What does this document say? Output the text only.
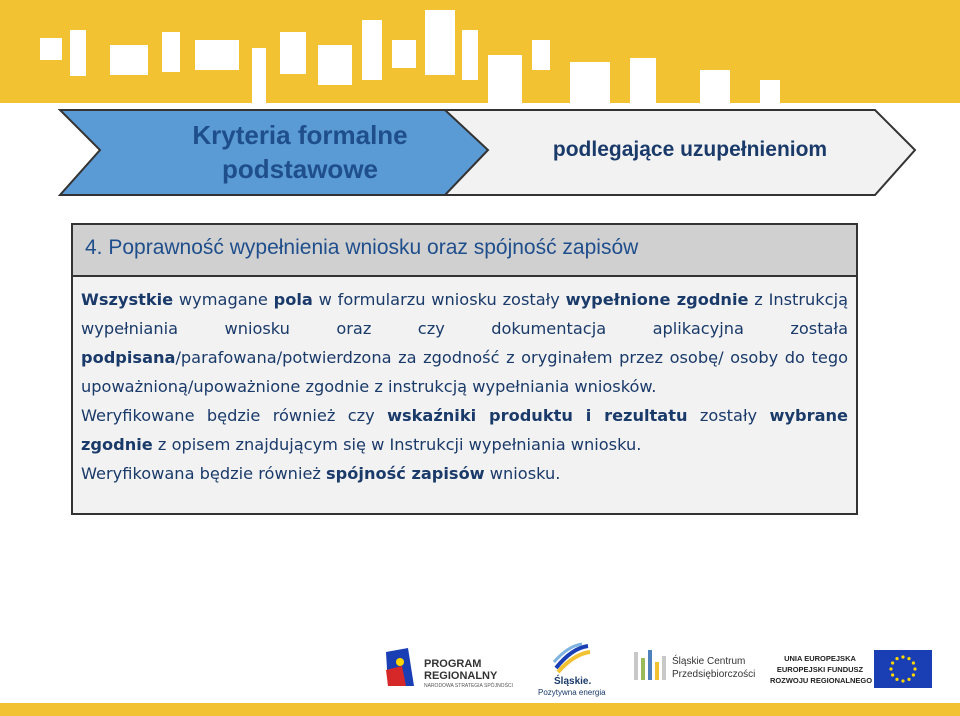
Kryteria formalne
podstawowe
podlegające uzupełnieniom
4. Poprawność wypełnienia wniosku oraz spójność zapisów

Wszystkie wymagane pola w formularzu wniosku zostały wypełnione zgodnie z Instrukcją wypełniania wniosku oraz czy dokumentacja aplikacyjna została podpisana/parafowana/potwierdzona za zgodność z oryginałem przez osobę/ osoby do tego upoważnioną/upoważnione zgodnie z instrukcją wypełniania wniosków.

Weryfikowane będzie również czy wskaźniki produktu i rezultatu zostały wybrane zgodnie z opisem znajdującym się w Instrukcji wypełniania wniosku.

Weryfikowana będzie również spójność zapisów wniosku.

PROGRAM
REGIONALNY
NARODOWA STRATEGIA SPÓJNOŚCI	Śląskie.
Pozytywna energia
Śląskie Centrum
Przedsiębiorczości
UNIA EUROPEJSKA
EUROPEJSKI FUNDUSZ
ROZWOJU REGIONALNEGO
